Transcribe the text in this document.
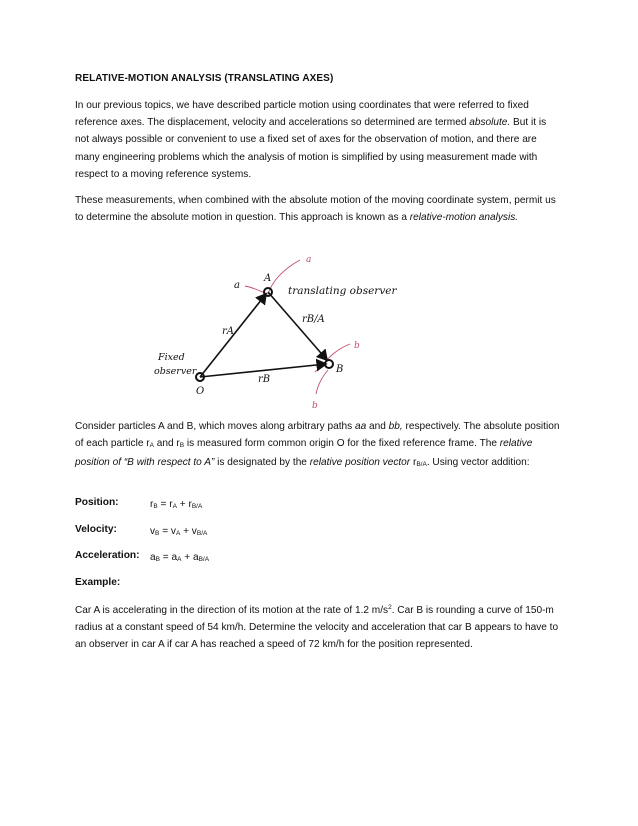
RELATIVE-MOTION ANALYSIS (TRANSLATING AXES)
In our previous topics, we have described particle motion using coordinates that were referred to fixed reference axes. The displacement, velocity and accelerations so determined are termed absolute. But it is not always possible or convenient to use a fixed set of axes for the observation of motion, and there are many engineering problems which the analysis of motion is simplified by using measurement made with respect to a moving reference systems.
These measurements, when combined with the absolute motion of the moving coordinate system, permit us to determine the absolute motion in question. This approach is known as a relative-motion analysis.
A
B
O
a
a
b
b
translating observer
Fixed
observer
rA
rB
rB/A
Consider particles A and B, which moves along arbitrary paths aa and bb, respectively. The absolute position of each particle $r_A$ and $r_B$ is measured form common origin O for the fixed reference frame. The relative position of “B with respect to A” is designated by the relative position vector $r_{B/A}$. Using vector addition:
Position:	$r_B = r_A + r_{B/A}$
Velocity:	$v_B = v_A + v_{B/A}$
Acceleration: $a_B = a_A + a_{B/A}$
Example:
Car A is accelerating in the direction of its motion at the rate of 1.2 $m/s^2$. Car B is rounding a curve of 150-m radius at a constant speed of 54 km/h. Determine the velocity and acceleration that car B appears to have to an observer in car A if car A has reached a speed of 72 km/h for the position represented.
